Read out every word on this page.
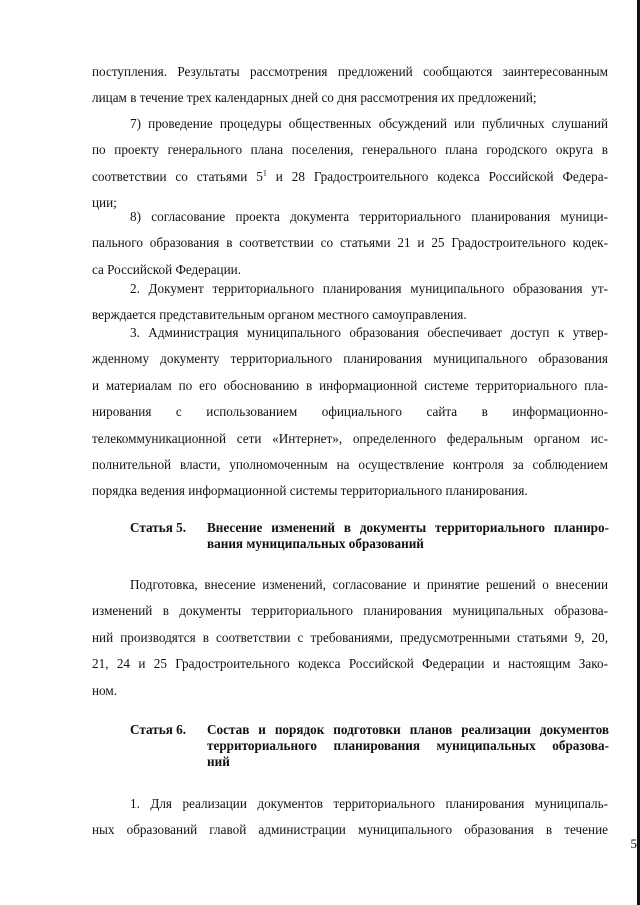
поступления. Результаты рассмотрения предложений сообщаются заинтересованным
лицам в течение трех календарных дней со дня рассмотрения их предложений;
7) проведение процедуры общественных обсуждений или публичных слушаний
по проекту генерального плана поселения, генерального плана городского округа в
соответствии со статьями $5^1$ и 28 Градостроительного кодекса Российской Федера-
ции;
8) согласование проекта документа территориального планирования муници-
пального образования в соответствии со статьями 21 и 25 Градостроительного кодек-
са Российской Федерации.
2. Документ территориального планирования муниципального образования ут-
верждается представительным органом местного самоуправления.
3. Администрация муниципального образования обеспечивает доступ к утвер-
жденному документу территориального планирования муниципального образования
и материалам по его обоснованию в информационной системе территориального пла-
нирования с использованием официального сайта в информационно-
телекоммуникационной сети «Интернет», определенного федеральным органом ис-
полнительной власти, уполномоченным на осуществление контроля за соблюдением
порядка ведения информационной системы территориального планирования.
Статья 5. Внесение изменений в документы территориального планиро-
вания муниципальных образований
Подготовка, внесение изменений, согласование и принятие решений о внесении
изменений в документы территориального планирования муниципальных образова-
ний производятся в соответствии с требованиями, предусмотренными статьями 9, 20,
21, 24 и 25 Градостроительного кодекса Российской Федерации и настоящим Зако-
ном.
Статья 6. Состав и порядок подготовки планов реализации документов
территориального планирования муниципальных образова-
ний
1. Для реализации документов территориального планирования муниципаль-
ных образований главой администрации муниципального образования в течение
5
